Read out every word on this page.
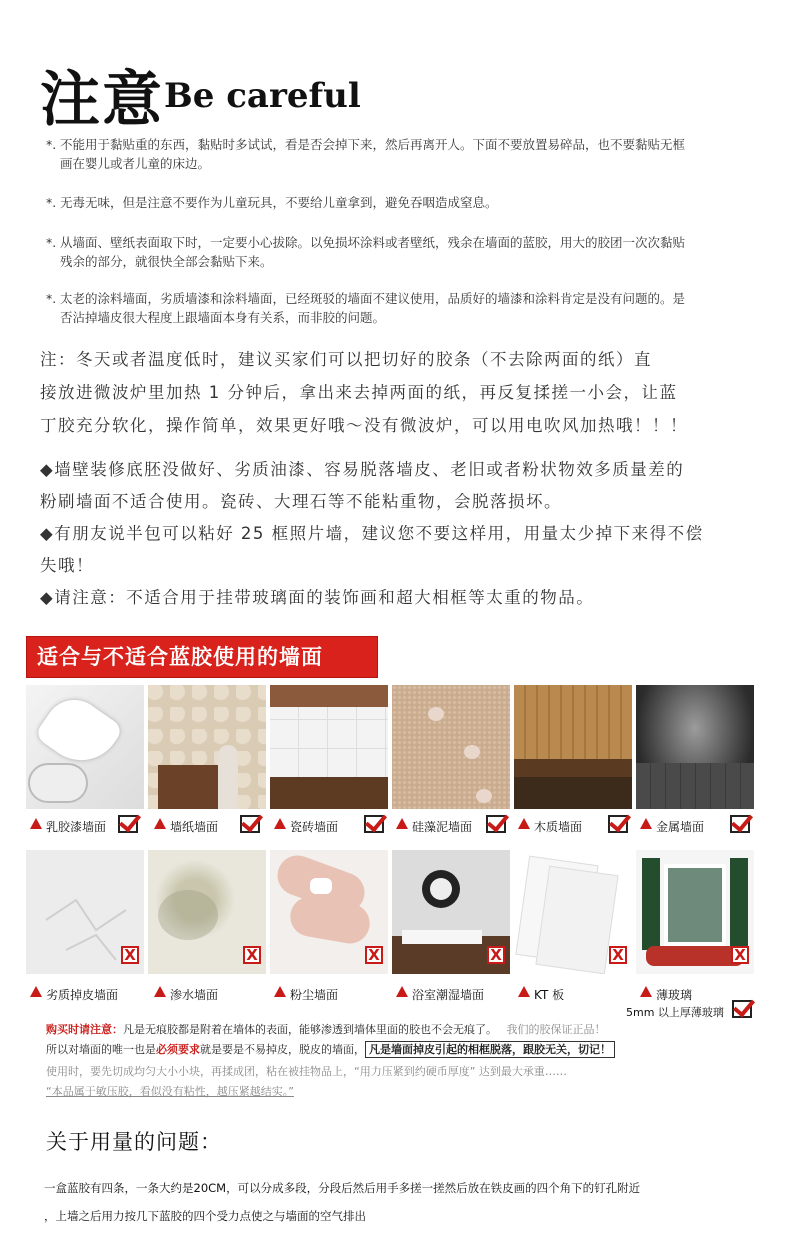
注意 Be careful
*. 不能用于黏贴重的东西，黏贴时多试试，看是否会掉下来，然后再离开人。下面不要放置易碎品，也不要黏贴无框
画在婴儿或者儿童的床边。
*. 无毒无味，但是注意不要作为儿童玩具，不要给儿童拿到，避免吞咽造成窒息。
*. 从墙面、壁纸表面取下时，一定要小心拔除。以免损坏涂料或者壁纸，残余在墙面的蓝胶，用大的胶团一次次黏贴
残余的部分，就很快全部会黏贴下来。
*. 太老的涂料墙面，劣质墙漆和涂料墙面，已经斑驳的墙面不建议使用，品质好的墙漆和涂料肯定是没有问题的。是
否沾掉墙皮很大程度上跟墙面本身有关系，而非胶的问题。
注：冬天或者温度低时，建议买家们可以把切好的胶条（不去除两面的纸）直
接放进微波炉里加热 1 分钟后，拿出来去掉两面的纸，再反复揉搓一小会，让蓝
丁胶充分软化，操作简单，效果更好哦～没有微波炉，可以用电吹风加热哦！！！
◆墙壁装修底胚没做好、劣质油漆、容易脱落墙皮、老旧或者粉状物效多质量差的
粉刷墙面不适合使用。瓷砖、大理石等不能粘重物，会脱落损坏。
◆有朋友说半包可以粘好 25 框照片墙，建议您不要这样用，用量太少掉下来得不偿
失哦！
◆请注意：不适合用于挂带玻璃面的装饰画和超大相框等太重的物品。
适合与不适合蓝胶使用的墙面
乳胶漆墙面	墙纸墙面	瓷砖墙面	硅藻泥墙面	木质墙面	金属墙面
X	X	X	X	X	X
劣质掉皮墙面	渗水墙面	粉尘墙面	浴室潮湿墙面	KT 板	薄玻璃
5mm 以上厚薄玻璃
购买时请注意：凡是无痕胶都是附着在墙体的表面，能够渗透到墙体里面的胶也不会无痕了。 我们的胶保证正品！
所以对墙面的唯一也是必须要求就是要是不易掉皮，脱皮的墙面， 凡是墙面掉皮引起的相框脱落，跟胶无关，切记！
使用时，要先切成均匀大小小块，再揉成团，粘在被挂物品上，“用力压紧到约硬币厚度” 达到最大承重……
“本品属于敏压胶，看似没有粘性，越压紧越结实。”
关于用量的问题：
一盒蓝胶有四条，一条大约是20CM，可以分成多段，分段后然后用手多搓一搓然后放在铁皮画的四个角下的钉孔附近
，上墙之后用力按几下蓝胶的四个受力点使之与墙面的空气排出
